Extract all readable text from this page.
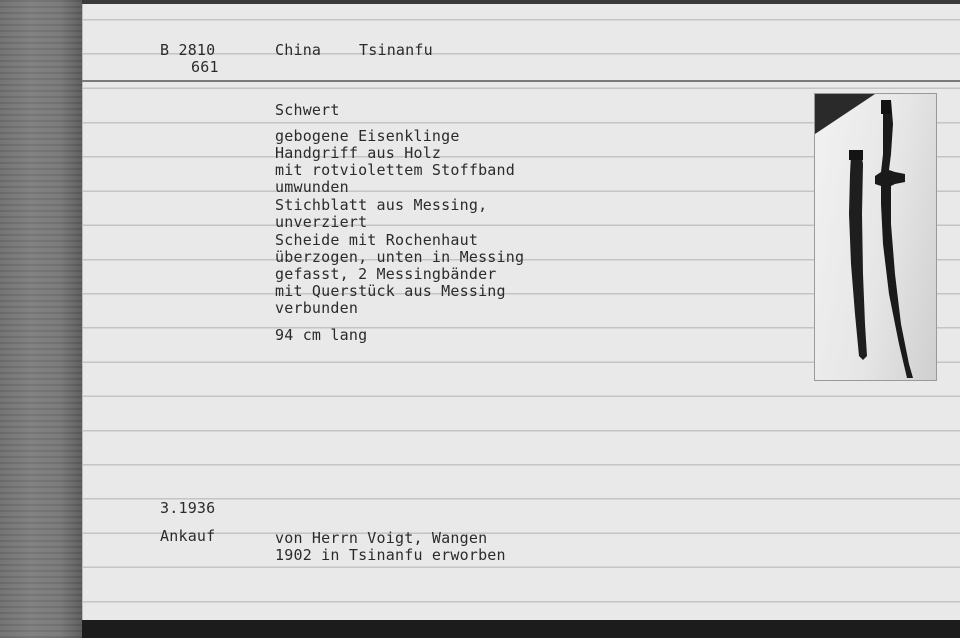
B 2810
661
China	Tsinanfu
Schwert
gebogene Eisenklinge
Handgriff aus Holz
mit rotviolettem Stoffband
umwunden
Stichblatt aus Messing,
unverziert
Scheide mit Rochenhaut
überzogen, unten in Messing
gefasst, 2 Messingbänder
mit Querstück aus Messing
verbunden
94 cm lang
3.1936
Ankauf	von Herrn Voigt, Wangen
1902 in Tsinanfu erworben
